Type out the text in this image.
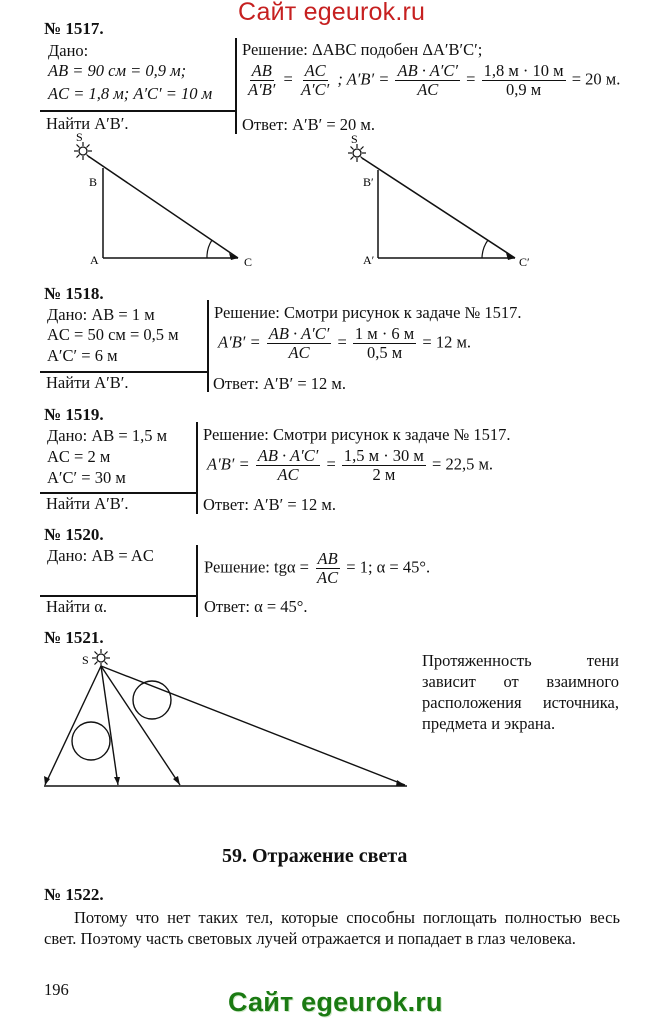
Сайт egeurok.ru
№ 1517.
Дано:
AB = 90 см = 0,9 м;
AC = 1,8 м; A′C′ = 10 м
Найти A′B′.
Решение: ΔABC подобен ΔA′B′C′;
$\frac{AB}{A'B'} = \frac{AC}{A'C'}$ ; $A'B' = \frac{AB \cdot A'C'}{AC} = \frac{1,8 м \cdot 10 м}{0,9 м} = 20$ м.
Ответ: A′B′ = 20 м.
S
B
A	C
S
B′
A′	C′
№ 1518.
Дано: AB = 1 м
AC = 50 см = 0,5 м
A′C′ = 6 м
Найти A′B′.
Решение: Смотри рисунок к задаче № 1517.
$A'B' = \frac{AB \cdot A'C'}{AC} = \frac{1 м \cdot 6 м}{0,5 м} = 12$ м.
Ответ: A′B′ = 12 м.
№ 1519.
Дано: AB = 1,5 м
AC = 2 м
A′C′ = 30 м
Найти A′B′.
Решение: Смотри рисунок к задаче № 1517.
$A'B' = \frac{AB \cdot A'C'}{AC} = \frac{1,5 м \cdot 30 м}{2 м} = 22,5$ м.
Ответ: A′B′ = 12 м.
№ 1520.
Дано: AB = AC
Найти α.
Решение: $tg\alpha = \frac{AB}{AC} = 1$; α = 45°.
Ответ: α = 45°.
№ 1521.
S	Протяженность тени зависит от взаимного расположения источника, предмета и экрана.
59. Отражение света
№ 1522.
Потому что нет таких тел, которые способны поглощать полностью весь свет. Поэтому часть световых лучей отражается и попадает в глаз человека.
196	Сайт egeurok.ru
